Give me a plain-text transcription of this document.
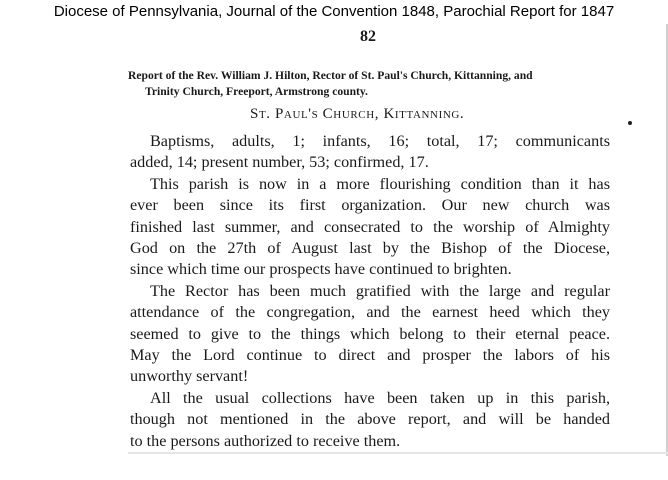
Diocese of Pennsylvania, Journal of the Convention 1848, Parochial Report for 1847
82
Report of the Rev. William J. Hilton, Rector of St. Paul's Church, Kittanning, and
Trinity Church, Freeport, Armstrong county.
St. Paul's Church, Kittanning.
Baptisms, adults, 1; infants, 16; total, 17; communicants
added, 14; present number, 53; confirmed, 17.
This parish is now in a more flourishing condition than it has
ever been since its first organization. Our new church was
finished last summer, and consecrated to the worship of Almighty
God on the 27th of August last by the Bishop of the Diocese,
since which time our prospects have continued to brighten.
The Rector has been much gratified with the large and regular
attendance of the congregation, and the earnest heed which they
seemed to give to the things which belong to their eternal peace.
May the Lord continue to direct and prosper the labors of his
unworthy servant!
All the usual collections have been taken up in this parish,
though not mentioned in the above report, and will be handed
to the persons authorized to receive them.
